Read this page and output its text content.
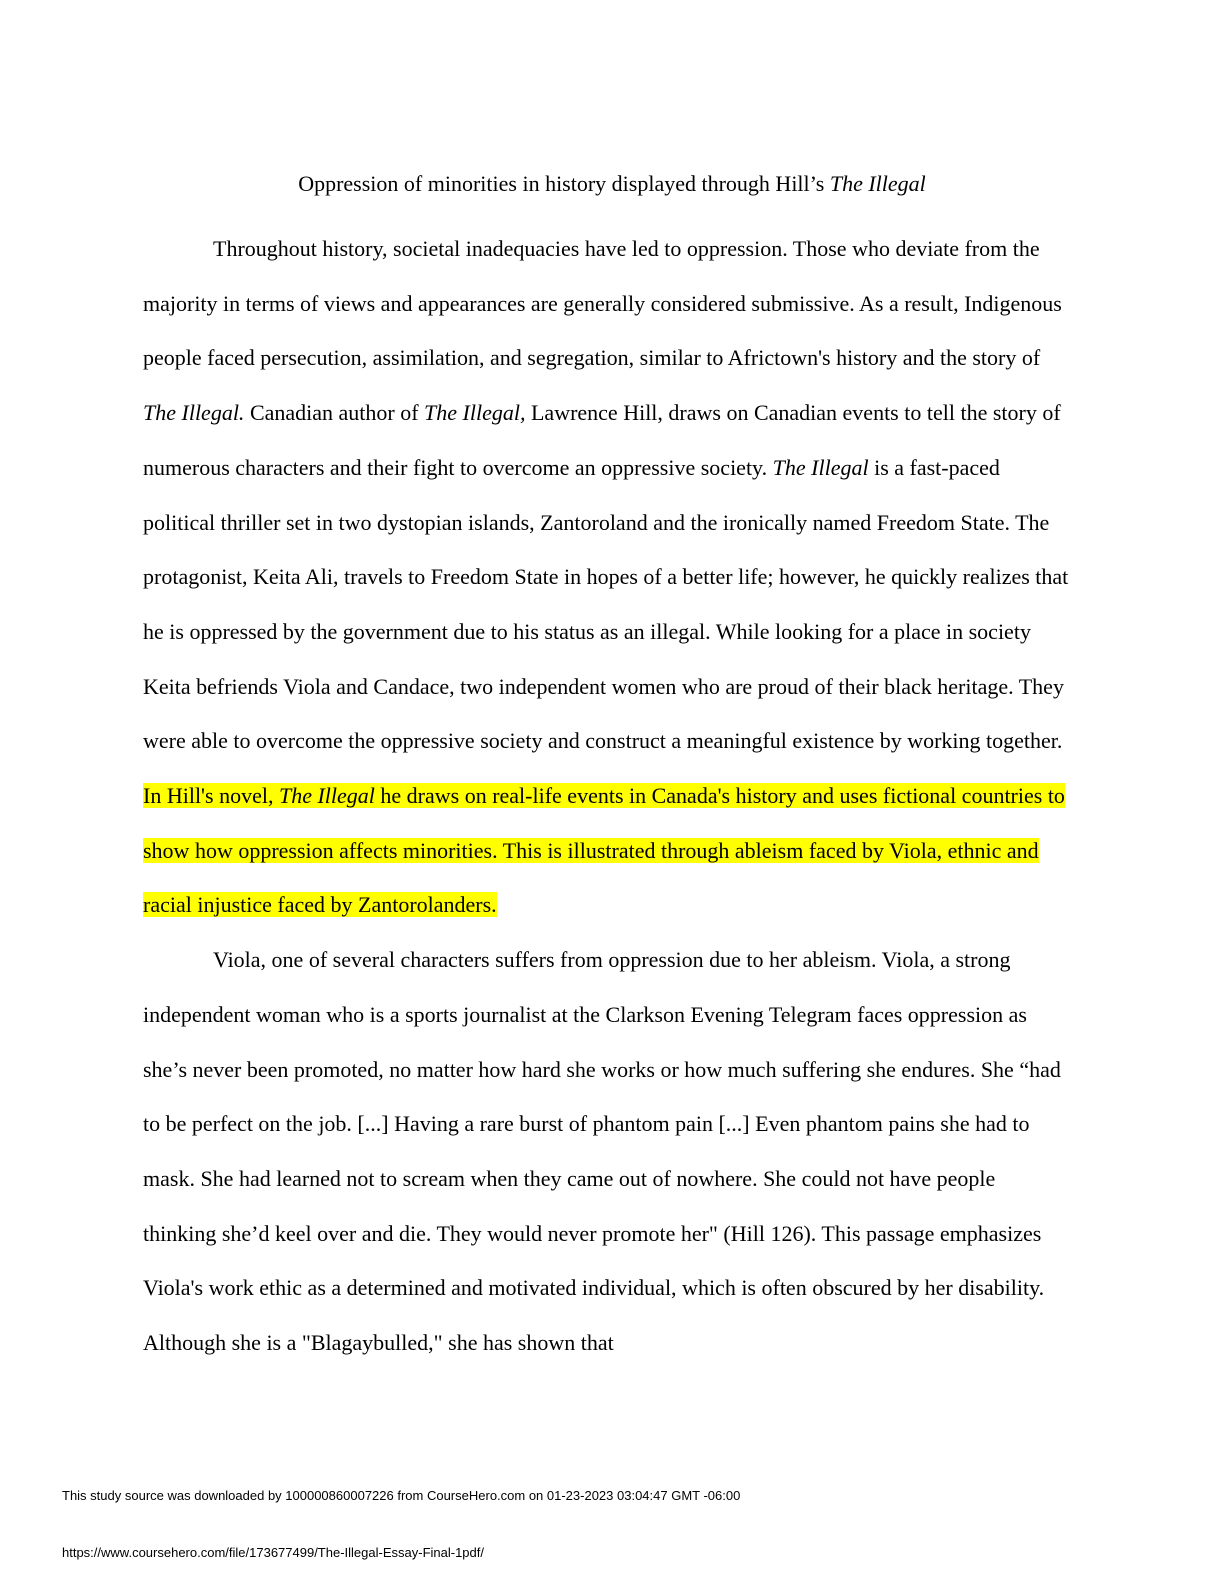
Oppression of minorities in history displayed through Hill’s The Illegal

Throughout history, societal inadequacies have led to oppression. Those who deviate from the majority in terms of views and appearances are generally considered submissive. As a result, Indigenous people faced persecution, assimilation, and segregation, similar to Africtown's history and the story of The Illegal. Canadian author of The Illegal, Lawrence Hill, draws on Canadian events to tell the story of numerous characters and their fight to overcome an oppressive society. The Illegal is a fast-paced political thriller set in two dystopian islands, Zantoroland and the ironically named Freedom State. The protagonist, Keita Ali, travels to Freedom State in hopes of a better life; however, he quickly realizes that he is oppressed by the government due to his status as an illegal. While looking for a place in society Keita befriends Viola and Candace, two independent women who are proud of their black heritage. They were able to overcome the oppressive society and construct a meaningful existence by working together. In Hill's novel, The Illegal he draws on real-life events in Canada's history and uses fictional countries to show how oppression affects minorities. This is illustrated through ableism faced by Viola, ethnic and racial injustice faced by Zantorolanders.

Viola, one of several characters suffers from oppression due to her ableism. Viola, a strong independent woman who is a sports journalist at the Clarkson Evening Telegram faces oppression as she’s never been promoted, no matter how hard she works or how much suffering she endures. She “had to be perfect on the job. [...] Having a rare burst of phantom pain [...] Even phantom pains she had to mask. She had learned not to scream when they came out of nowhere. She could not have people thinking she’d keel over and die. They would never promote her" (Hill 126). This passage emphasizes Viola's work ethic as a determined and motivated individual, which is often obscured by her disability. Although she is a "Blagaybulled," she has shown that

This study source was downloaded by 100000860007226 from CourseHero.com on 01-23-2023 03:04:47 GMT -06:00
https://www.coursehero.com/file/173677499/The-Illegal-Essay-Final-1pdf/
